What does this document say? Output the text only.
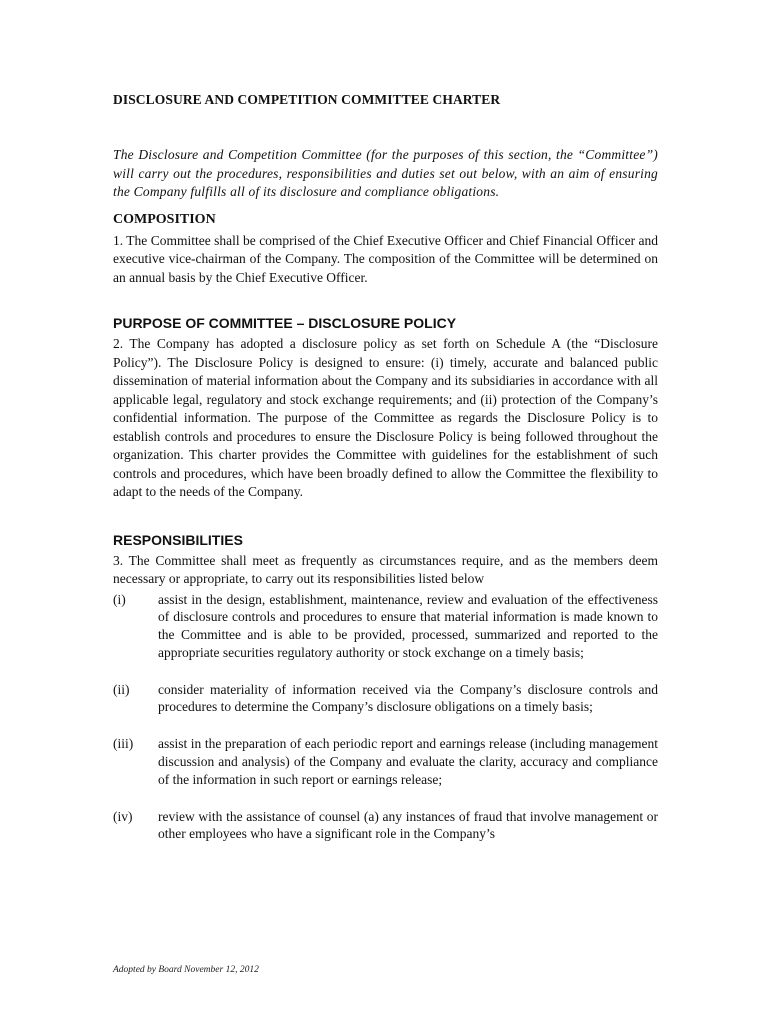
DISCLOSURE AND COMPETITION COMMITTEE CHARTER

The Disclosure and Competition Committee (for the purposes of this section, the “Committee”) will carry out the procedures, responsibilities and duties set out below, with an aim of ensuring the Company fulfills all of its disclosure and compliance obligations.

COMPOSITION

1. The Committee shall be comprised of the Chief Executive Officer and Chief Financial Officer and executive vice-chairman of the Company. The composition of the Committee will be determined on an annual basis by the Chief Executive Officer.

PURPOSE OF COMMITTEE – DISCLOSURE POLICY

2. The Company has adopted a disclosure policy as set forth on Schedule A (the “Disclosure Policy”). The Disclosure Policy is designed to ensure: (i) timely, accurate and balanced public dissemination of material information about the Company and its subsidiaries in accordance with all applicable legal, regulatory and stock exchange requirements; and (ii) protection of the Company’s confidential information. The purpose of the Committee as regards the Disclosure Policy is to establish controls and procedures to ensure the Disclosure Policy is being followed throughout the organization. This charter provides the Committee with guidelines for the establishment of such controls and procedures, which have been broadly defined to allow the Committee the flexibility to adapt to the needs of the Company.

RESPONSIBILITIES

3. The Committee shall meet as frequently as circumstances require, and as the members deem necessary or appropriate, to carry out its responsibilities listed below

(i)	assist in the design, establishment, maintenance, review and evaluation of the effectiveness of disclosure controls and procedures to ensure that material information is made known to the Committee and is able to be provided, processed, summarized and reported to the appropriate securities regulatory authority or stock exchange on a timely basis;
(ii)	consider materiality of information received via the Company’s disclosure controls and procedures to determine the Company’s disclosure obligations on a timely basis;
(iii)	assist in the preparation of each periodic report and earnings release (including management discussion and analysis) of the Company and evaluate the clarity, accuracy and compliance of the information in such report or earnings release;
(iv)	review with the assistance of counsel (a) any instances of fraud that involve management or other employees who have a significant role in the Company’s
Adopted by Board November 12, 2012
